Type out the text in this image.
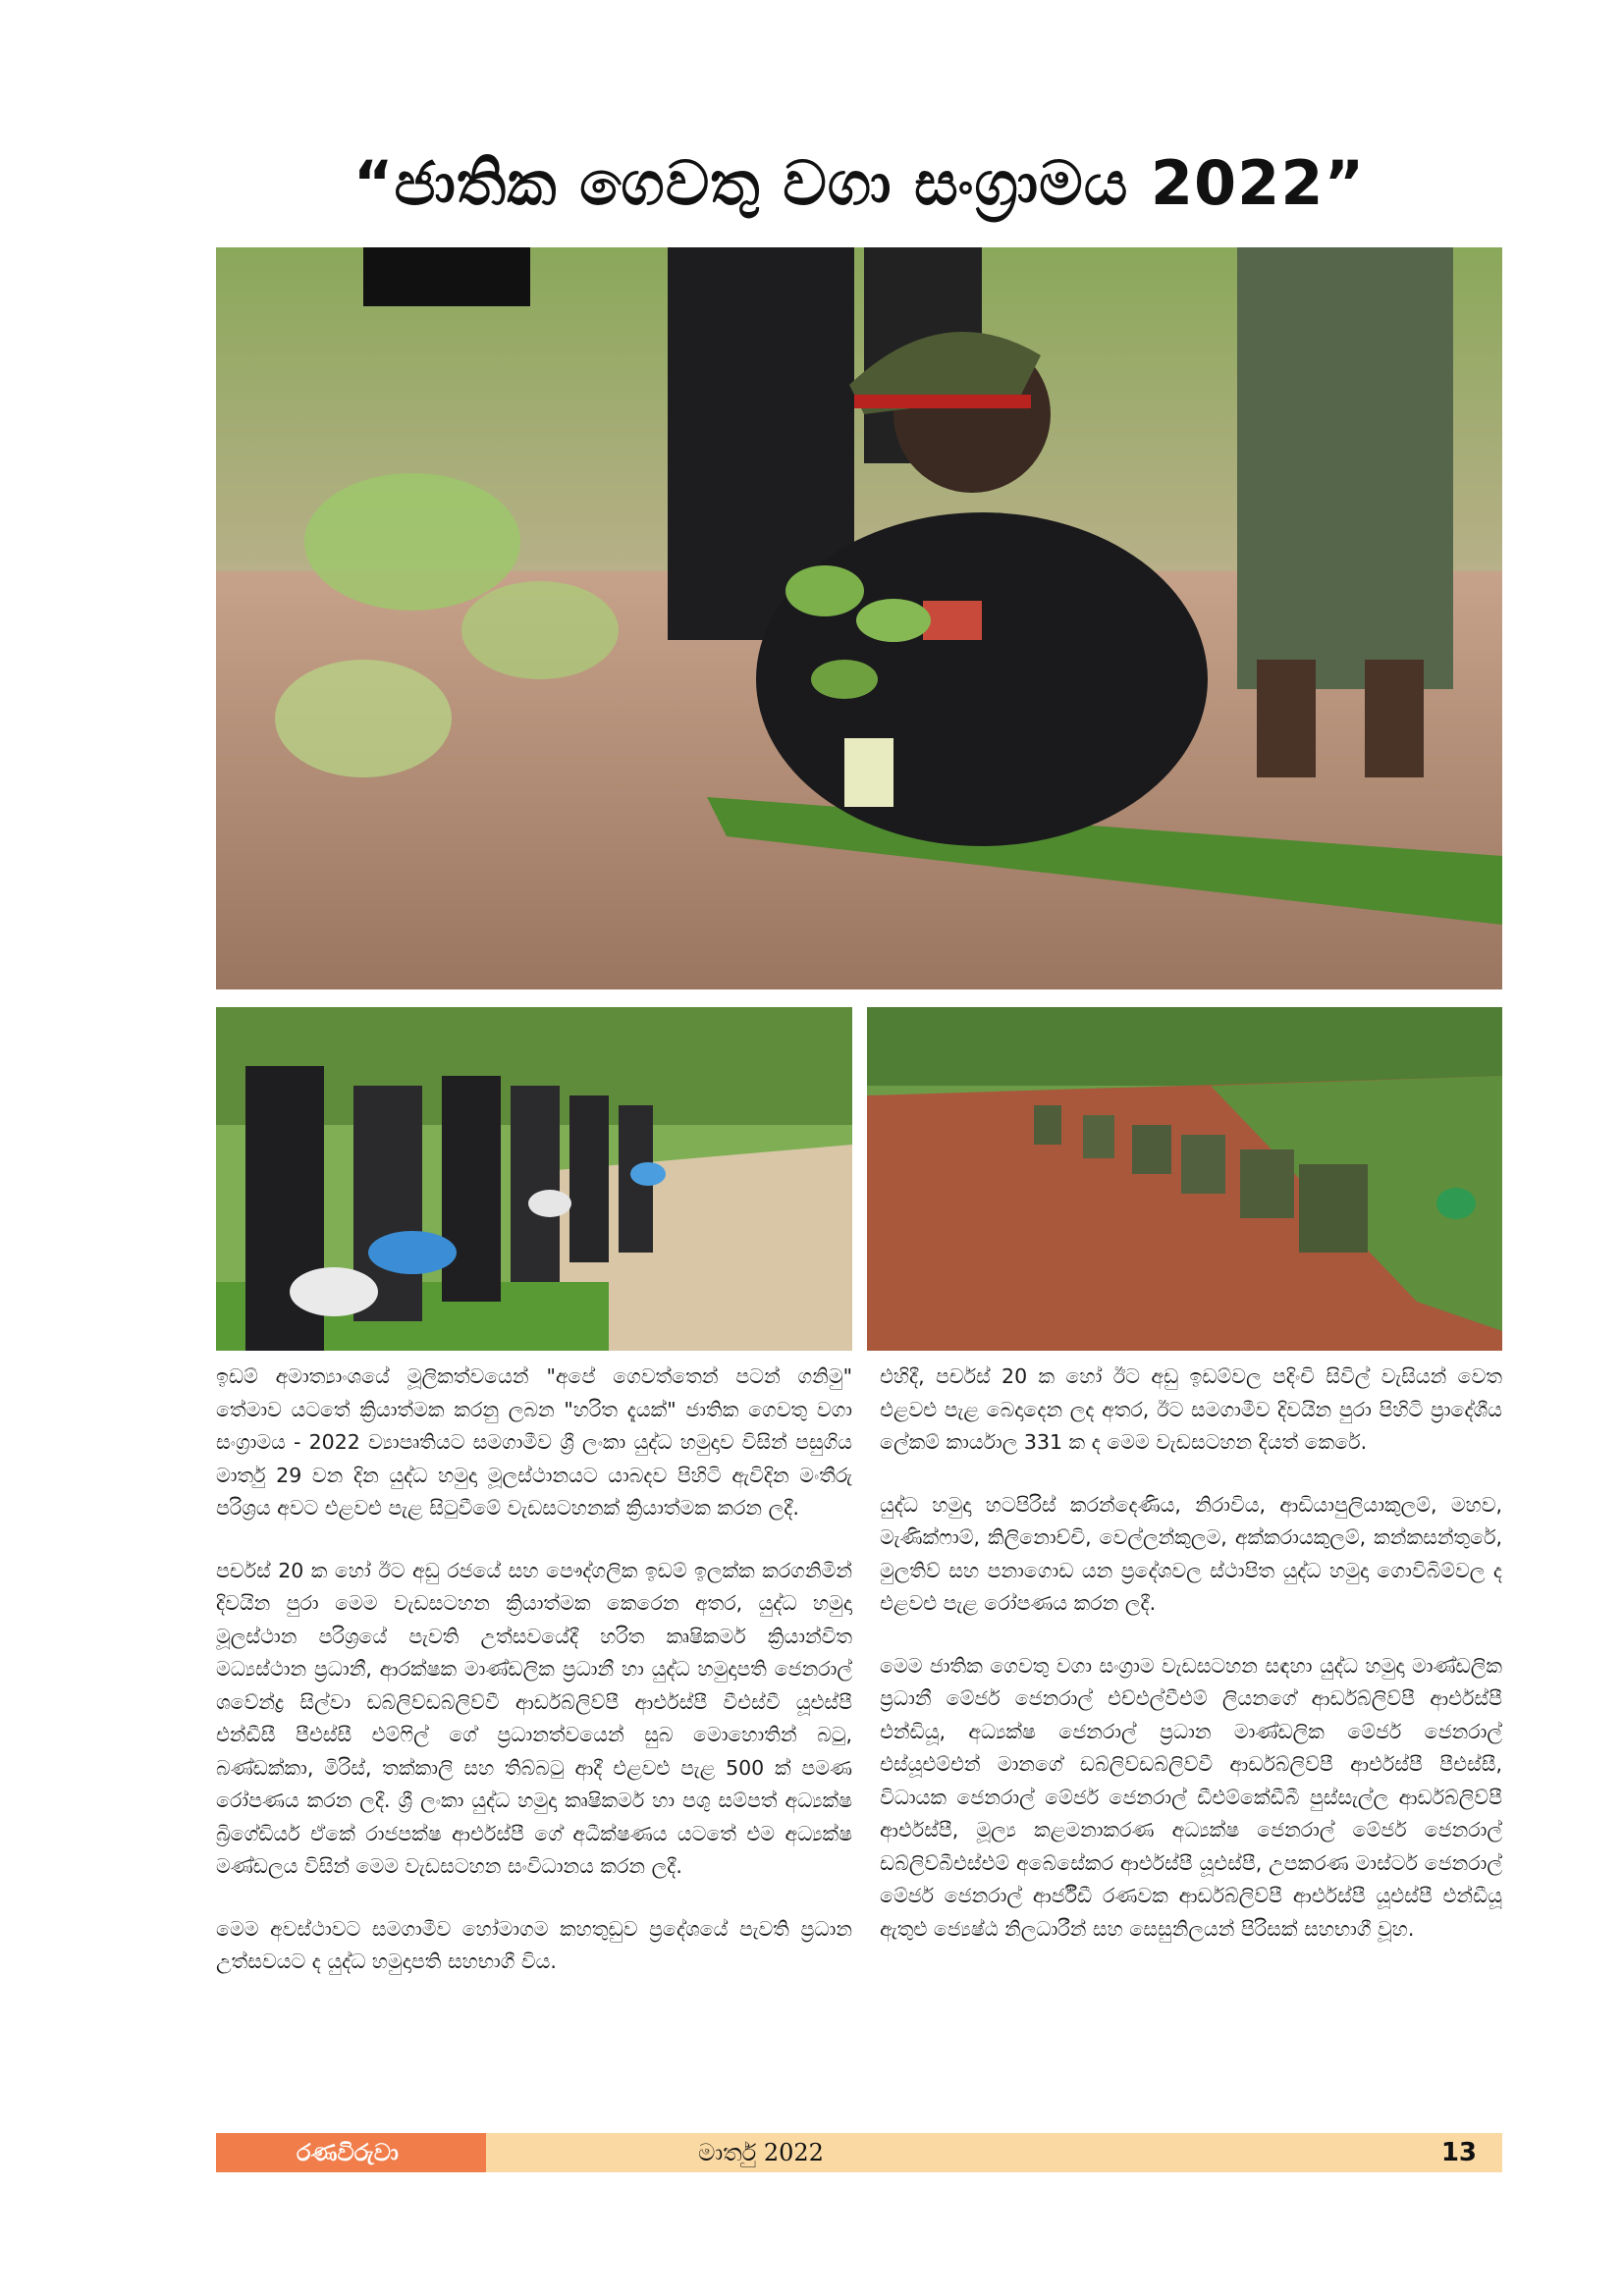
“ජාතික ගෙවතු වගා සංග්‍රාමය 2022”

ඉඩම් අමාත්‍යාංශයේ මූලිකත්වයෙන් "අපේ ගෙවත්තෙන් පටන් ගනිමු" තේමාව යටතේ ක්‍රියාත්මක කරනු ලබන "හරිත දැයක්" ජාතික ගෙවතු වගා සංග්‍රාමය - 2022 ව්‍යාපෘතියට සමගාමීව ශ්‍රී ලංකා යුද්ධ හමුදාව විසින් පසුගිය මාර්තු 29 වන දින යුද්ධ හමුදා මූලස්ථානයට යාබදව පිහිටි ඇවිදින මංතීරු පරිශ්‍රය අවට එළවළු පැළ සිටුවීමේ වැඩසටහනක් ක්‍රියාත්මක කරන ලදී.

පර්චස් 20 ක හෝ ඊට අඩු රජයේ සහ පෞද්ගලික ඉඩම් ඉලක්ක කරගනිමින් දිවයින පුරා මෙම වැඩසටහන ක්‍රියාත්මක කෙරෙන අතර, යුද්ධ හමුදා මූලස්ථාන පරිශ්‍රයේ පැවති උත්සවයේදී හරිත කෘෂිකර්ම ක්‍රියාන්විත මධ්‍යස්ථාන ප්‍රධානී, ආරක්ෂක මාණ්ඩලික ප්‍රධානී හා යුද්ධ හමුදාපති ජෙනරාල් ශවේන්ද්‍ර සිල්වා ඩබ්ලිව්ඩබ්ලිව්වී ආර්ඩබ්ලිව්පී ආර්එස්පී වීඑස්වී යූඑස්පී එන්ඩීසී පීඑස්සී එම්ෆිල් ගේ ප්‍රධානත්වයෙන් සුබ මොහොතින් බටු, බණ්ඩක්කා, මිරිස්, තක්කාලි සහ තිබ්බටු ආදී එළවළු පැළ 500 ක් පමණ රෝපණය කරන ලදී. ශ්‍රී ලංකා යුද්ධ හමුදා කෘෂිකර්ම හා පශු සම්පත් අධ්‍යක්ෂ බ්‍රිගේඩියර් ඒකේ රාජපක්ෂ ආර්එස්පී ගේ අධීක්ෂණය යටතේ එම අධ්‍යක්ෂ මණ්ඩලය විසින් මෙම වැඩසටහන සංවිධානය කරන ලදී.

මෙම අවස්ථාවට සමගාමීව හෝමාගම කහතුඩුව ප්‍රදේශයේ පැවති ප්‍රධාන උත්සවයට ද යුද්ධ හමුදාපති සහභාගී විය.

එහිදී, පර්චස් 20 ක හෝ ඊට අඩු ඉඩම්වල පදිංචි සිවිල් වැසියන් වෙත එළවළු පැළ බෙදාදෙන ලද අතර, ඊට සමගාමීව දිවයින පුරා පිහිටි ප්‍රාදේශීය ලේකම් කාර්යාල 331 ක ද මෙම වැඩසටහන දියත් කෙරේ.

යුද්ධ හමුදා හටපිරිස් කරන්දෙණිය, නිරාවිය, ආඩියාපුලියාකුලම්, මහව, මැණික්ෆාම්, කිලිනොච්චි, වෙල්ලන්කුලම, අක්කරායකුලම්, කන්කසන්තුරේ, මුලතිව් සහ පනාගොඩ යන ප්‍රදේශවල ස්ථාපිත යුද්ධ හමුදා ගොවිබිම්වල ද එළවළු පැළ රෝපණය කරන ලදී.

මෙම ජාතික ගෙවතු වගා සංග්‍රාම වැඩසටහන සඳහා යුද්ධ හමුදා මාණ්ඩලික ප්‍රධානී මේජර් ජෙනරාල් එච්එල්වීඑම් ලියනගේ ආර්ඩබ්ලිව්පී ආර්එස්පී එන්ඩියූ, අධ්‍යක්ෂ ජෙනරාල් ප්‍රධාන මාණ්ඩලික මේජර් ජෙනරාල් එස්යූඑම්එන් මානගේ ඩබ්ලිව්ඩබ්ලිව්වී ආර්ඩබ්ලිව්පී ආර්එස්පී පීඑස්සී, විධායක ජෙනරාල් මේජර් ජෙනරාල් ඩීඑම්කේඩීබී පුස්සැල්ල ආර්ඩබ්ලිව්පී ආර්එස්පී, මූල්‍ය කළමනාකරණ අධ්‍යක්ෂ ජෙනරාල් මේජර් ජෙනරාල් ඩබ්ලිව්බීඑස්එම් අබේසේකර ආර්එස්පී යූඑස්පී, උපකරණ මාස්ටර් ජෙනරාල් මේජර් ජෙනරාල් ආර්ජීඩී රණවක ආර්ඩබ්ලිව්පී ආර්එස්පී යූඑස්පී එන්ඩීයූ ඇතුළු ජ්‍යෙෂ්ඨ නිලධාරීන් සහ සෙසුනිලයන් පිරිසක් සහභාගී වූහ.

රණවිරුවා	මාර්තු 2022	13
